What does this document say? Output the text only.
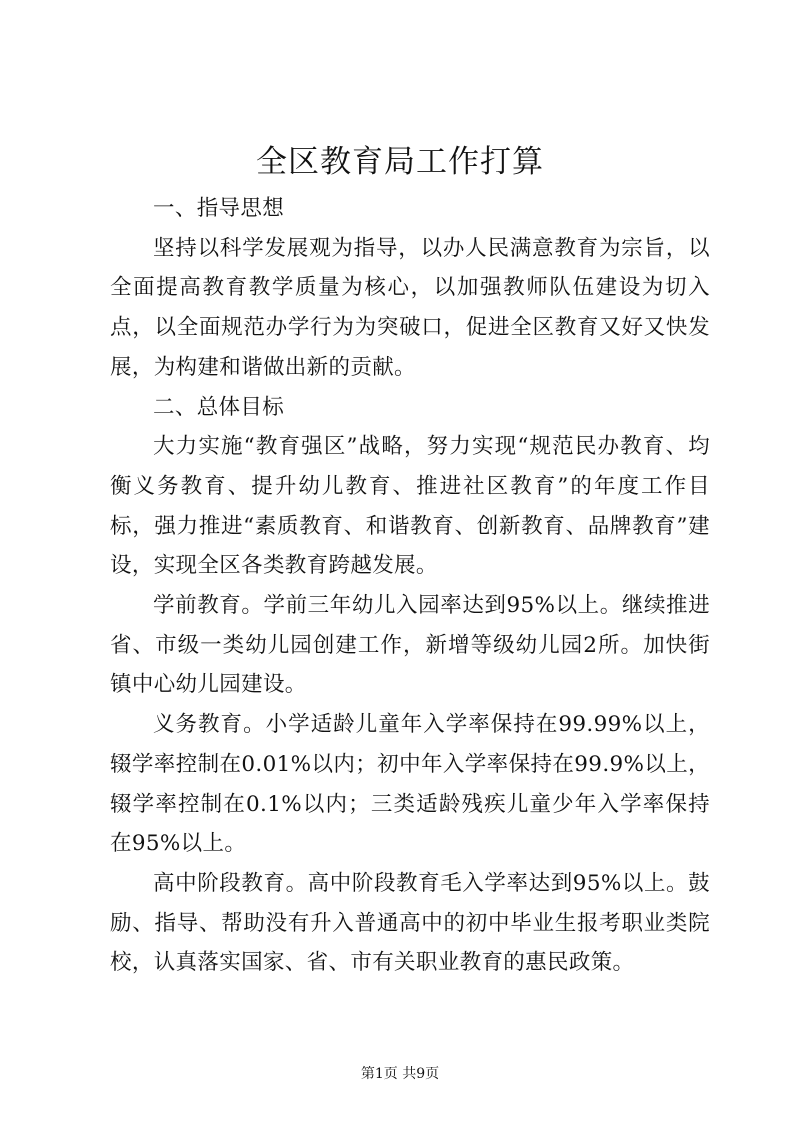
全区教育局工作打算

一、指导思想

坚持以科学发展观为指导，以办人民满意教育为宗旨，以全面提高教育教学质量为核心，以加强教师队伍建设为切入点，以全面规范办学行为为突破口，促进全区教育又好又快发展，为构建和谐做出新的贡献。

二、总体目标

大力实施“教育强区”战略，努力实现“规范民办教育、均衡义务教育、提升幼儿教育、推进社区教育”的年度工作目标，强力推进“素质教育、和谐教育、创新教育、品牌教育”建设，实现全区各类教育跨越发展。

学前教育。学前三年幼儿入园率达到95%以上。继续推进省、市级一类幼儿园创建工作，新增等级幼儿园2所。加快街镇中心幼儿园建设。

义务教育。小学适龄儿童年入学率保持在99.99%以上，辍学率控制在0.01%以内；初中年入学率保持在99.9%以上，辍学率控制在0.1%以内；三类适龄残疾儿童少年入学率保持在95%以上。

高中阶段教育。高中阶段教育毛入学率达到95%以上。鼓励、指导、帮助没有升入普通高中的初中毕业生报考职业类院校，认真落实国家、省、市有关职业教育的惠民政策。

第1页 共9页
